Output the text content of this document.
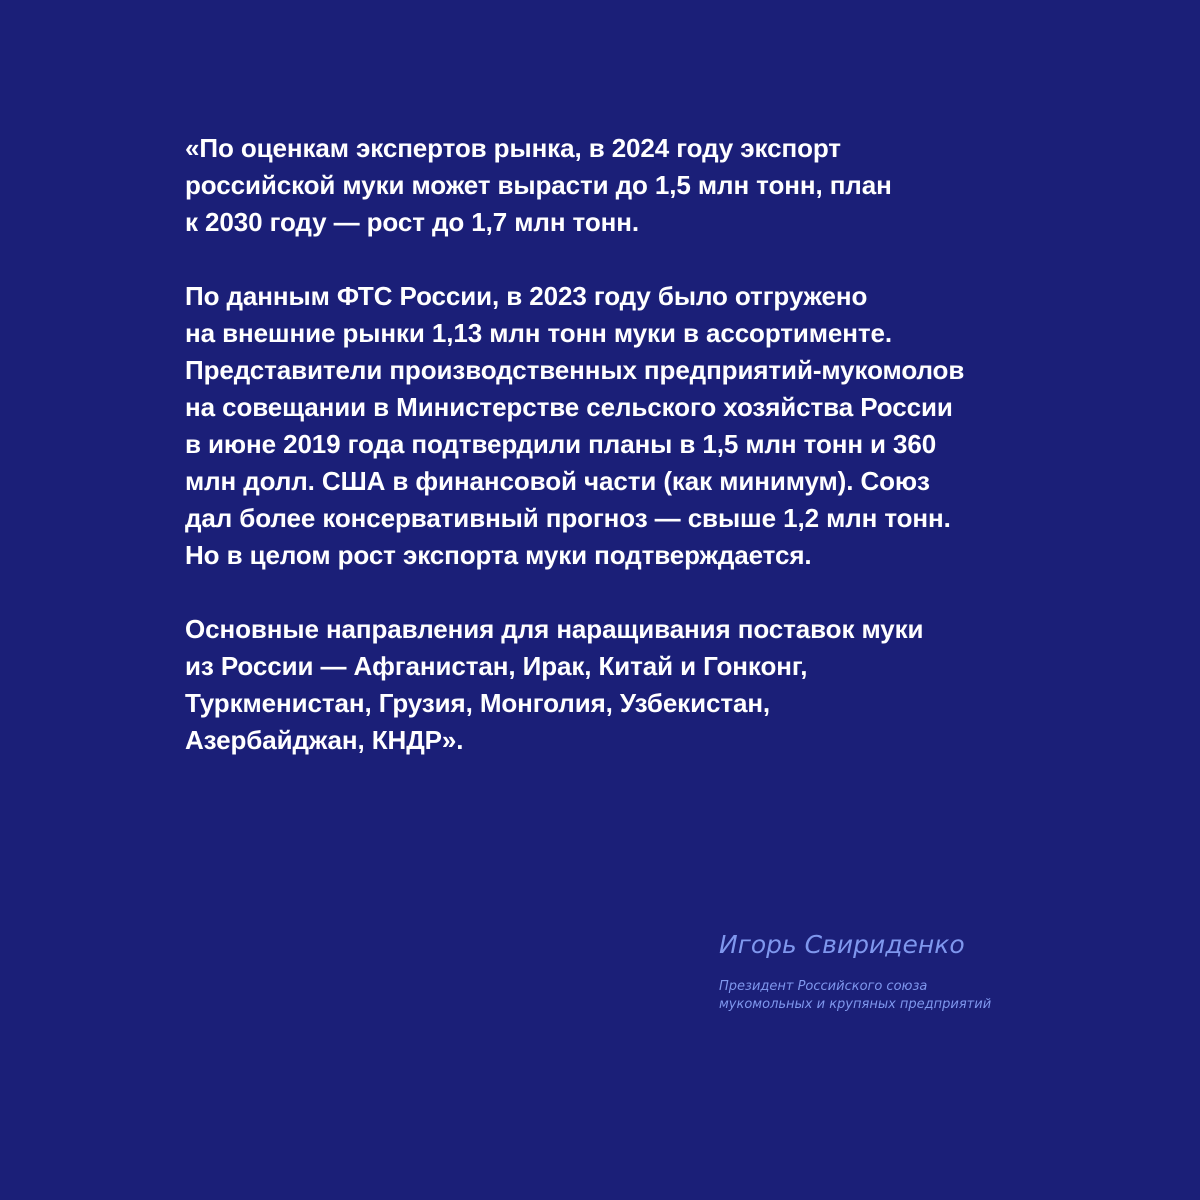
«По оценкам экспертов рынка, в 2024 году экспорт
российской муки может вырасти до 1,5 млн тонн, план
к 2030 году — рост до 1,7 млн тонн.

По данным ФТС России, в 2023 году было отгружено
на внешние рынки 1,13 млн тонн муки в ассортименте.
Представители производственных предприятий-мукомолов
на совещании в Министерстве сельского хозяйства России
в июне 2019 года подтвердили планы в 1,5 млн тонн и 360
млн долл. США в финансовой части (как минимум). Союз
дал более консервативный прогноз — свыше 1,2 млн тонн.
Но в целом рост экспорта муки подтверждается.

Основные направления для наращивания поставок муки
из России — Афганистан, Ирак, Китай и Гонконг,
Туркменистан, Грузия, Монголия, Узбекистан,
Азербайджан, КНДР».

Игорь Свириденко
Президент Российского союза
мукомольных и крупяных предприятий
